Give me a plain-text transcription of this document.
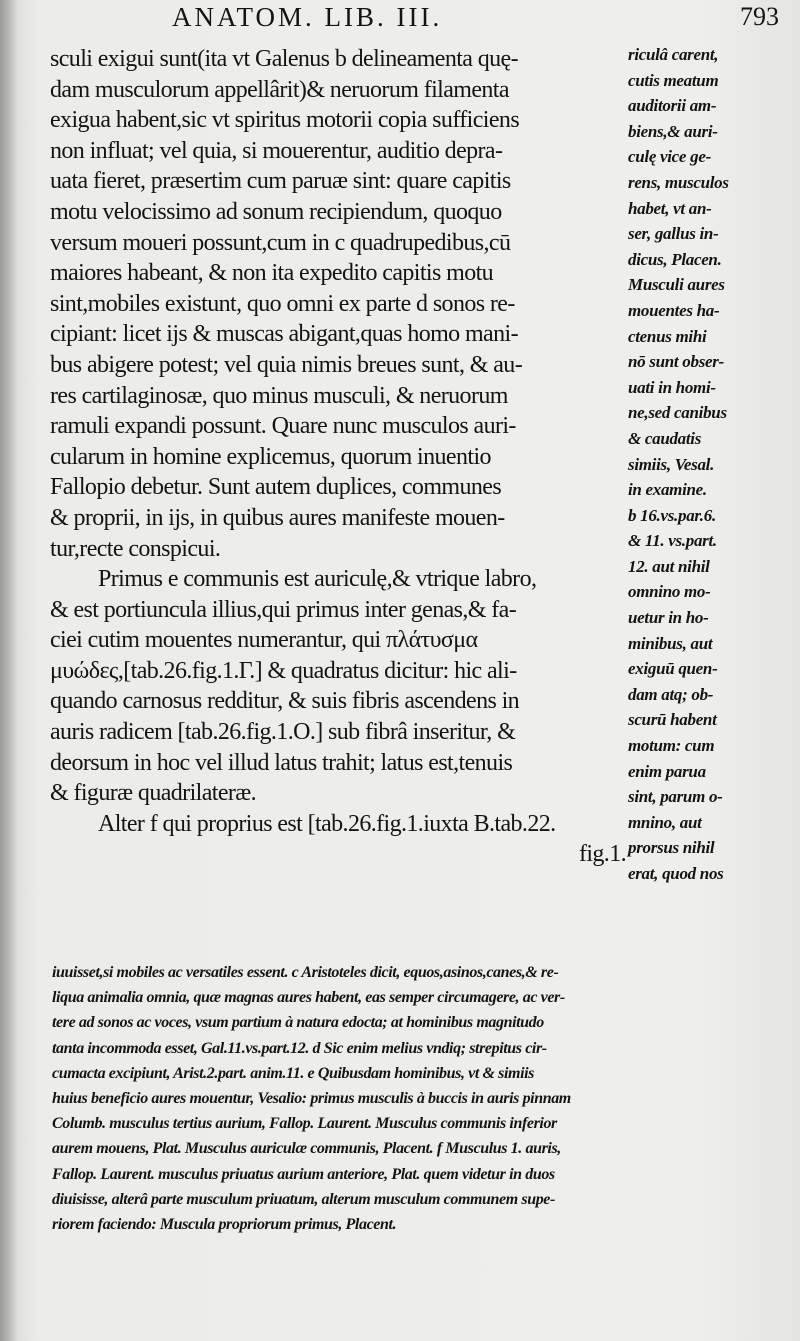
ANATOM. LIB. III.	793
sculi exigui sunt(ita vt Galenus b delineamenta quę-
dam musculorum appellârit)& neruorum filamenta
exigua habent,sic vt spiritus motorii copia sufficiens
non influat; vel quia, si mouerentur, auditio depra-
uata fieret, præsertim cum paruæ sint: quare capitis
motu velocissimo ad sonum recipiendum, quoquo
versum moueri possunt,cum in c quadrupedibus,cū
maiores habeant, & non ita expedito capitis motu
sint,mobiles existunt, quo omni ex parte d sonos re-
cipiant: licet ijs & muscas abigant,quas homo mani-
bus abigere potest; vel quia nimis breues sunt, & au-
res cartilaginosæ, quo minus musculi, & neruorum
ramuli expandi possunt. Quare nunc musculos auri-
cularum in homine explicemus, quorum inuentio
Fallopio debetur. Sunt autem duplices, communes
& proprii, in ijs, in quibus aures manifeste mouen-
tur,recte conspicui.
Primus e communis est auriculę,& vtrique labro,
& est portiuncula illius,qui primus inter genas,& fa-
ciei cutim mouentes numerantur, qui πλάτυσμα
μυώδες,[tab.26.fig.1.Γ.] & quadratus dicitur: hic ali-
quando carnosus redditur, & suis fibris ascendens in
auris radicem [tab.26.fig.1.O.] sub fibrâ inseritur, &
deorsum in hoc vel illud latus trahit; latus est,tenuis
& figuræ quadrilateræ.
Alter f qui proprius est [tab.26.fig.1.iuxta B.tab.22.
fig.1.
riculâ carent,
cutis meatum
auditorii am-
biens,& auri-
culę vice ge-
rens, musculos
habet, vt an-
ser, gallus in-
dicus, Placen.
Musculi aures
mouentes ha-
ctenus mihi
nō sunt obser-
uati in homi-
ne,sed canibus
& caudatis
simiis, Vesal.
in examine.
b 16.vs.par.6.
& 11. vs.part.
12. aut nihil
omnino mo-
uetur in ho-
minibus, aut
exiguū quen-
dam atq; ob-
scurū habent
motum: cum
enim parua
sint, parum o-
mnino, aut
prorsus nihil
erat, quod nos
iuuisset,si mobiles ac versatiles essent. c Aristoteles dicit, equos,asinos,canes,& re-
liqua animalia omnia, quæ magnas aures habent, eas semper circumagere, ac ver-
tere ad sonos ac voces, vsum partium à natura edocta; at hominibus magnitudo
tanta incommoda esset, Gal.11.vs.part.12. d Sic enim melius vndiq; strepitus cir-
cumacta excipiunt, Arist.2.part. anim.11. e Quibusdam hominibus, vt & simiis
huius beneficio aures mouentur, Vesalio: primus musculis à buccis in auris pinnam
Columb. musculus tertius aurium, Fallop. Laurent. Musculus communis inferior
aurem mouens, Plat. Musculus auriculæ communis, Placent. f Musculus 1. auris,
Fallop. Laurent. musculus priuatus aurium anteriore, Plat. quem videtur in duos
diuisisse, alterâ parte musculum priuatum, alterum musculum communem supe-
riorem faciendo: Muscula propriorum primus, Placent.
